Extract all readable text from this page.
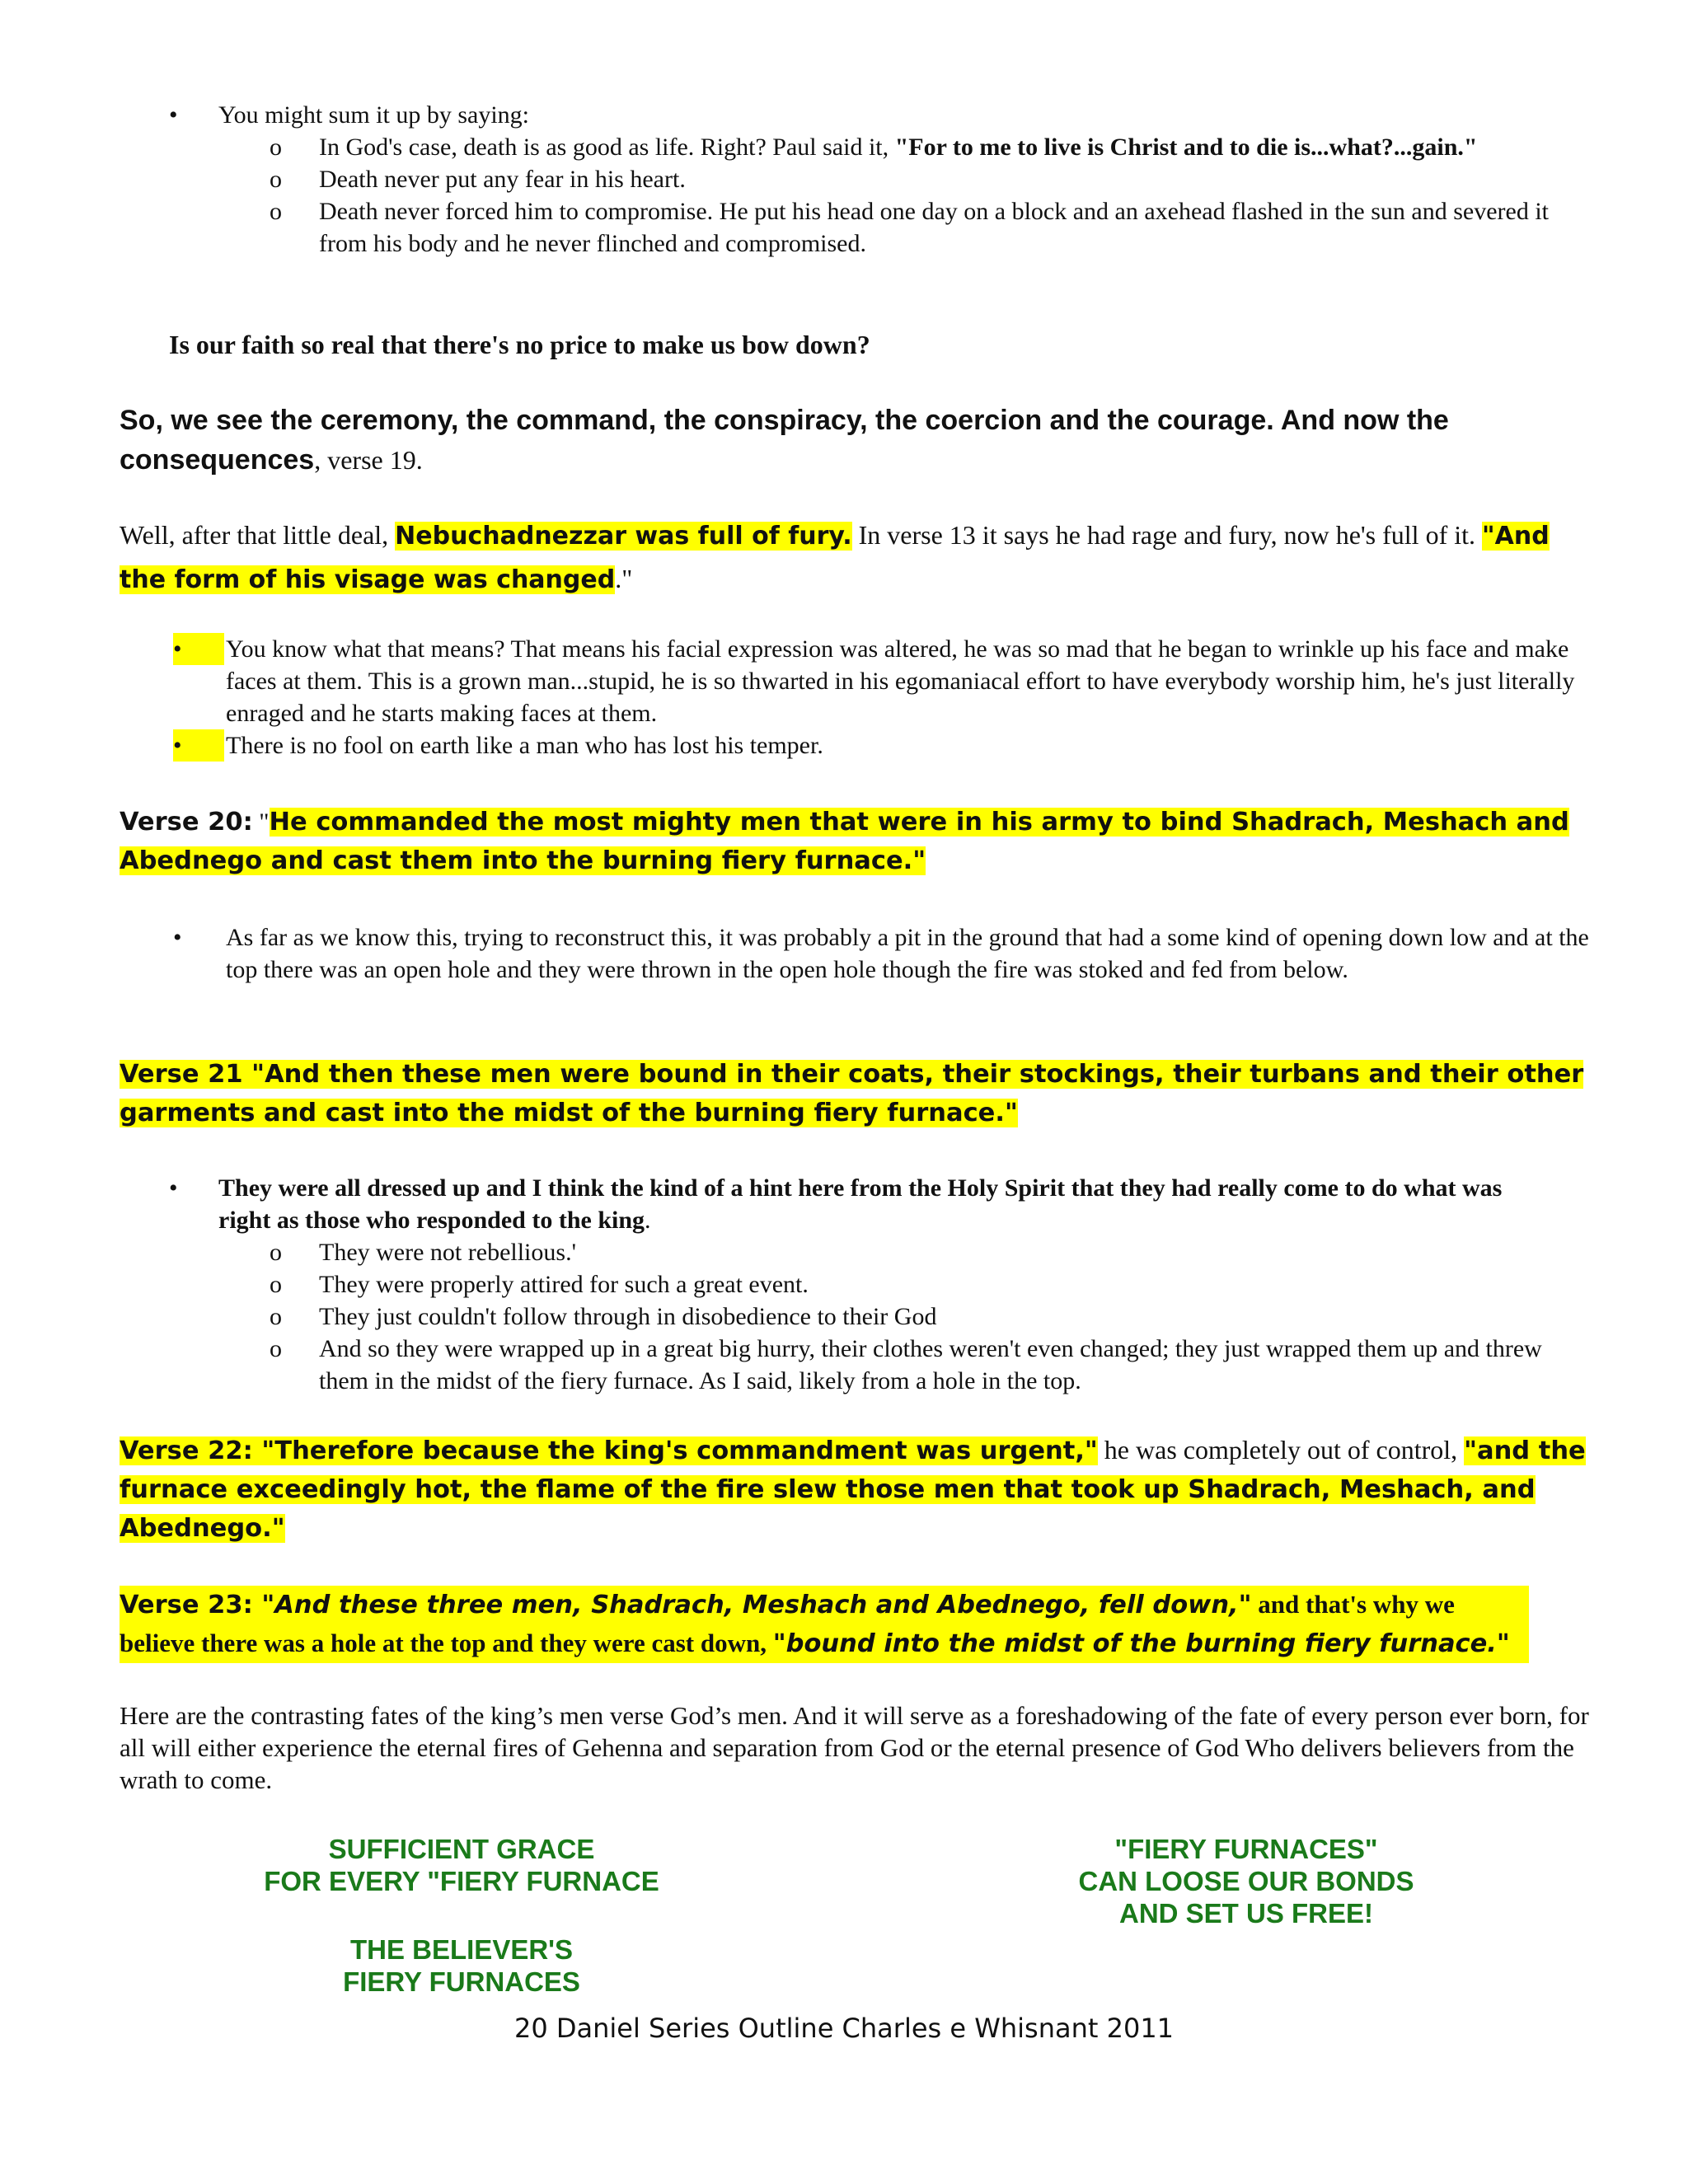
• You might sum it up by saying:
o In God's case, death is as good as life. Right? Paul said it, "For to me to live is Christ and to die is...what?...gain."
o Death never put any fear in his heart.
o Death never forced him to compromise. He put his head one day on a block and an axehead flashed in the sun and severed it from his body and he never flinched and compromised.
Is our faith so real that there's no price to make us bow down?
So, we see the ceremony, the command, the conspiracy, the coercion and the courage. And now the consequences, verse 19.
Well, after that little deal, Nebuchadnezzar was full of fury. In verse 13 it says he had rage and fury, now he's full of it. "And the form of his visage was changed."
•	You know what that means? That means his facial expression was altered, he was so mad that he began to wrinkle up his face and make faces at them. This is a grown man...stupid, he is so thwarted in his egomaniacal effort to have everybody worship him, he's just literally enraged and he starts making faces at them.
•	There is no fool on earth like a man who has lost his temper.
Verse 20: "He commanded the most mighty men that were in his army to bind Shadrach, Meshach and Abednego and cast them into the burning fiery furnace."
• As far as we know this, trying to reconstruct this, it was probably a pit in the ground that had a some kind of opening down low and at the top there was an open hole and they were thrown in the open hole though the fire was stoked and fed from below.
Verse 21 "And then these men were bound in their coats, their stockings, their turbans and their other garments and cast into the midst of the burning fiery furnace."
• They were all dressed up and I think the kind of a hint here from the Holy Spirit that they had really come to do what was right as those who responded to the king.
o They were not rebellious.'
o They were properly attired for such a great event.
o They just couldn't follow through in disobedience to their God
o And so they were wrapped up in a great big hurry, their clothes weren't even changed; they just wrapped them up and threw them in the midst of the fiery furnace. As I said, likely from a hole in the top.
Verse 22: "Therefore because the king's commandment was urgent," he was completely out of control, "and the furnace exceedingly hot, the flame of the fire slew those men that took up Shadrach, Meshach, and Abednego."
Verse 23: "And these three men, Shadrach, Meshach and Abednego, fell down," and that's why we believe there was a hole at the top and they were cast down, "bound into the midst of the burning fiery furnace."
Here are the contrasting fates of the king’s men verse God’s men. And it will serve as a foreshadowing of the fate of every person ever born, for all will either experience the eternal fires of Gehenna and separation from God or the eternal presence of God Who delivers believers from the wrath to come.
SUFFICIENT GRACE
FOR EVERY "FIERY FURNACE
THE BELIEVER'S
FIERY FURNACES
"FIERY FURNACES"
CAN LOOSE OUR BONDS
AND SET US FREE!
20 Daniel Series Outline Charles e Whisnant 2011
